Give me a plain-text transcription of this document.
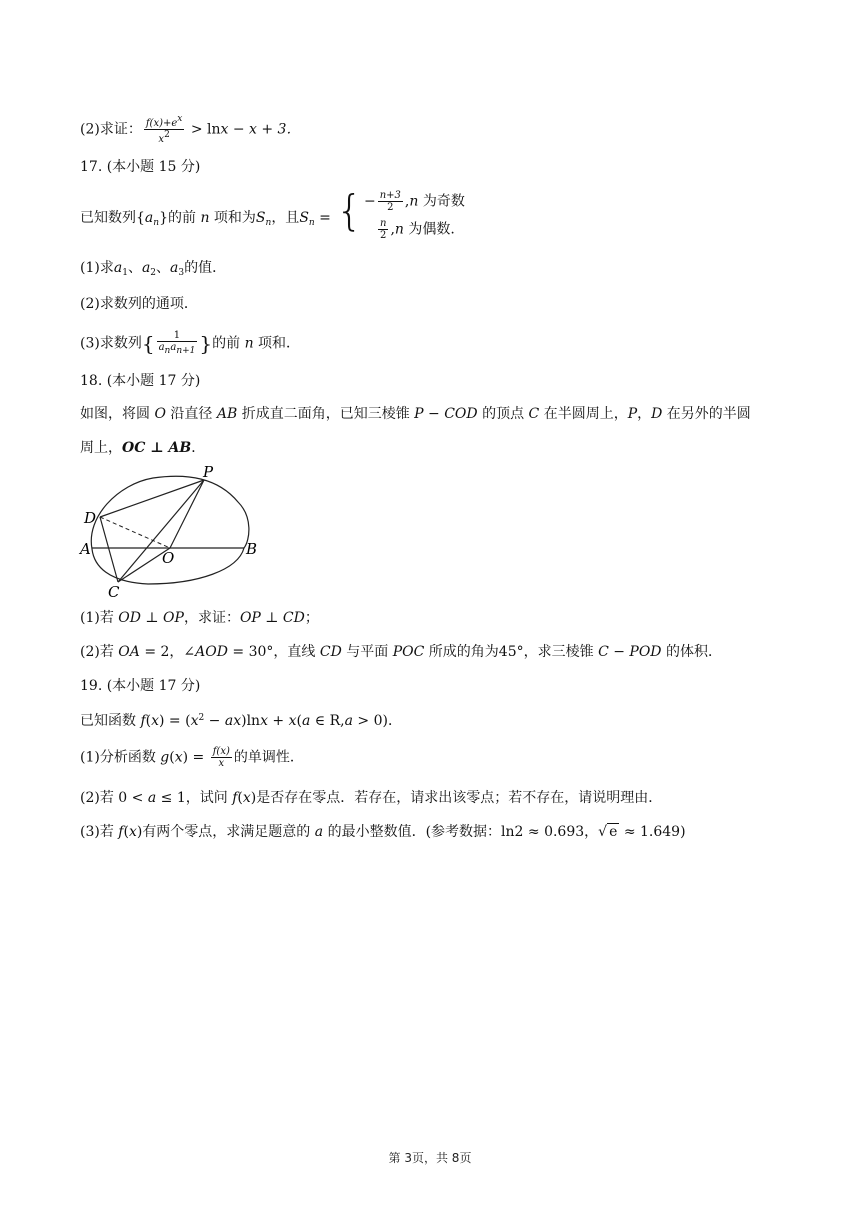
(2)求证： $\frac{f(x)+e^x}{x^2} > \ln x - x + 3$．
17. (本小题 15 分)
已知数列$\{a_n\}$的前 n 项和为$S_n$，且$S_n$ = { − $\frac{n+3}{2} ,n$ 为奇数
$\frac{n}{2} ,n$ 为偶数.
(1)求$a_1$、$a_2$、$a_3$的值．
(2)求数列的通项．
(3)求数列{ $\frac{1}{\text{anan+1}}$ }的前 n 项和．
18. (本小题 17 分)
如图，将圆 O 沿直径 AB 折成直二面角，已知三棱锥 P − COD 的顶点 C 在半圆周上，P，D 在另外的半圆
周上，OC ⊥ AB．
P
D
A	O	B
C
(1)若 OD ⊥ OP，求证：OP ⊥ CD；
(2)若 OA = 2，∠AOD = 30°，直线 CD 与平面 POC 所成的角为45°，求三棱锥 C − POD 的体积．
19. (本小题 17 分)
已知函数 $f(x) = (x^2 - ax)\ln x + x(a$ ∈ R,a > 0)．
(1)分析函数 $g(x) = \frac{f(x)}{x}$ 的单调性．
(2)若 0 < a ≤ 1，试问 f(x)是否存在零点．若存在，请求出该零点；若不存在，请说明理由．
(3)若 f(x)有两个零点，求满足题意的 a 的最小整数值．(参考数据：ln2 ≈ 0.693，√ e ≈ 1.649)
第 3页，共 8页
